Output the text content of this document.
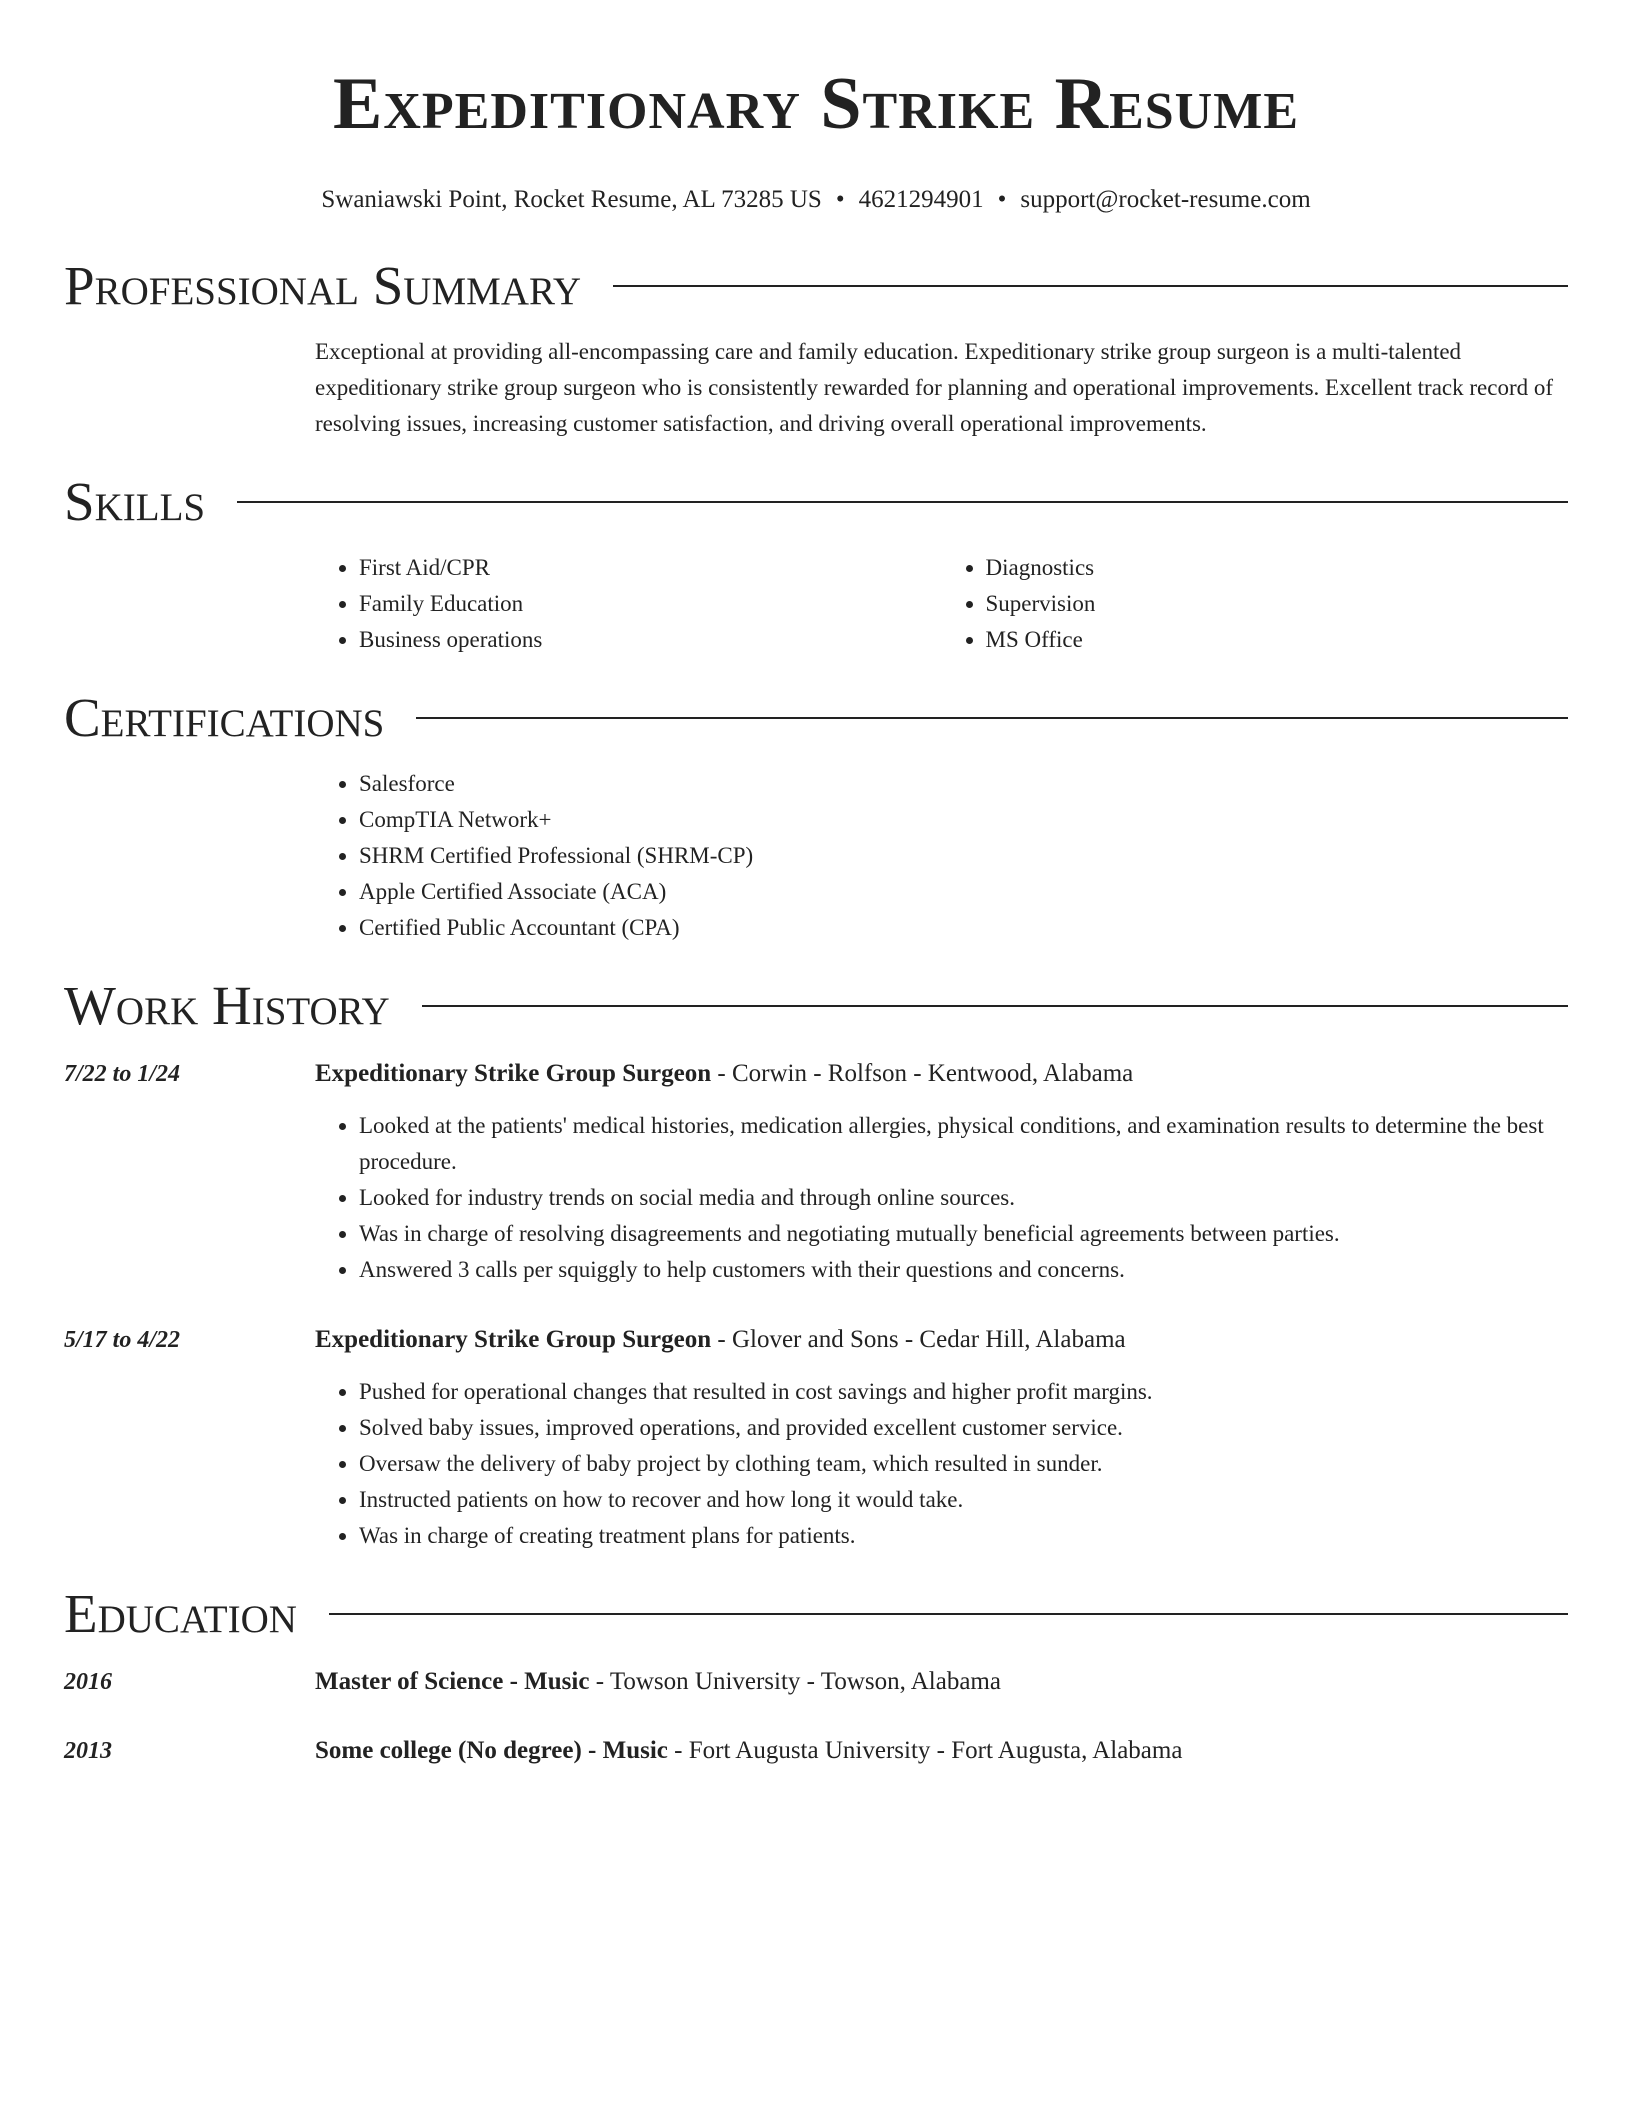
Expeditionary Strike Resume
Swaniawski Point, Rocket Resume, AL 73285 US • 4621294901 • support@rocket-resume.com
Professional Summary
Exceptional at providing all-encompassing care and family education. Expeditionary strike group surgeon is a multi-talented expeditionary strike group surgeon who is consistently rewarded for planning and operational improvements. Excellent track record of resolving issues, increasing customer satisfaction, and driving overall operational improvements.
Skills
• First Aid/CPR
• Family Education
• Business operations
• Diagnostics
• Supervision
• MS Office
Certifications
• Salesforce
• CompTIA Network+
• SHRM Certified Professional (SHRM-CP)
• Apple Certified Associate (ACA)
• Certified Public Accountant (CPA)
Work History
7/22 to 1/24	Expeditionary Strike Group Surgeon - Corwin - Rolfson - Kentwood, Alabama
• Looked at the patients' medical histories, medication allergies, physical conditions, and examination results to determine the best procedure.
• Looked for industry trends on social media and through online sources.
• Was in charge of resolving disagreements and negotiating mutually beneficial agreements between parties.
• Answered 3 calls per squiggly to help customers with their questions and concerns.
5/17 to 4/22	Expeditionary Strike Group Surgeon - Glover and Sons - Cedar Hill, Alabama
• Pushed for operational changes that resulted in cost savings and higher profit margins.
• Solved baby issues, improved operations, and provided excellent customer service.
• Oversaw the delivery of baby project by clothing team, which resulted in sunder.
• Instructed patients on how to recover and how long it would take.
• Was in charge of creating treatment plans for patients.
Education
2016	Master of Science - Music - Towson University - Towson, Alabama
2013	Some college (No degree) - Music - Fort Augusta University - Fort Augusta, Alabama
